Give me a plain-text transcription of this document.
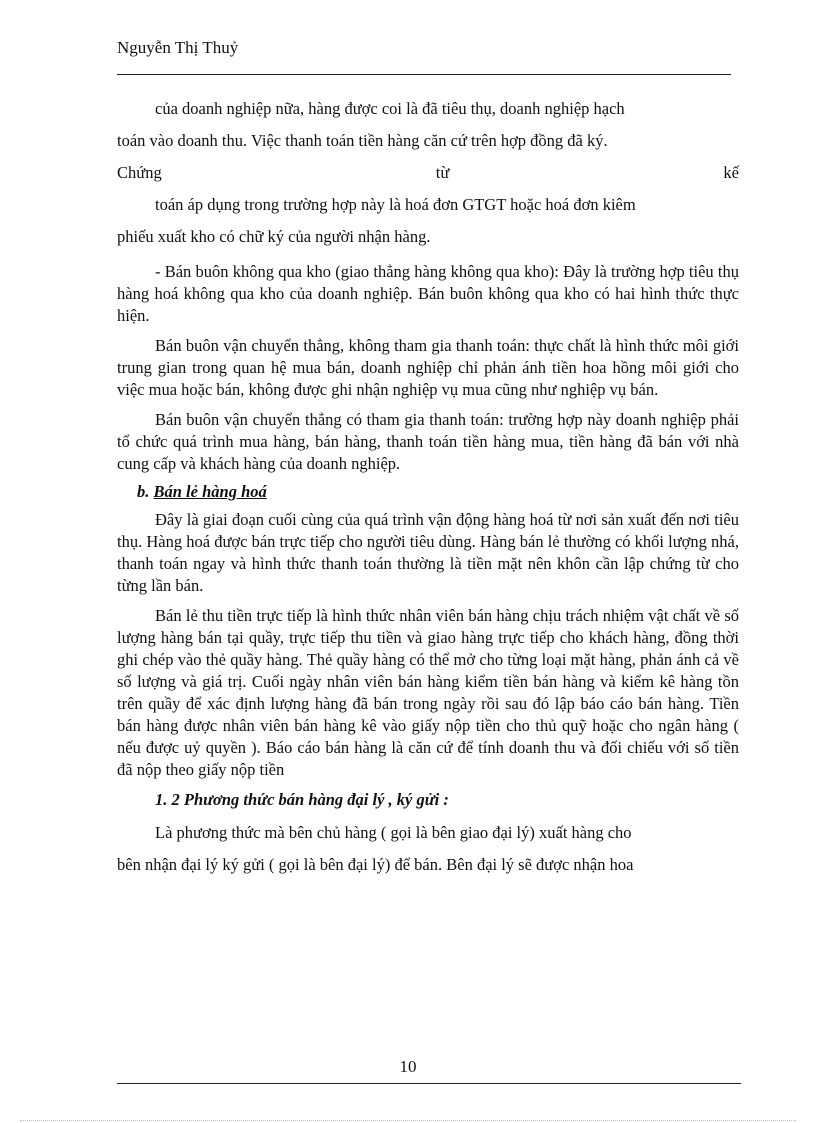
Nguyễn Thị Thuỷ

của doanh nghiệp nữa, hàng được coi là đã tiêu thụ, doanh nghiệp hạch

toán vào doanh thu. Việc thanh toán tiền hàng căn cứ trên hợp đồng đã ký.

Chứng	từ	kế

toán áp dụng trong trường hợp này là hoá đơn GTGT hoặc hoá đơn kiêm

phiếu xuất kho có chữ ký của người nhận hàng.

- Bán buôn không qua kho (giao thẳng hàng không qua kho): Đây là trường hợp tiêu thụ hàng hoá không qua kho của doanh nghiệp. Bán buôn không qua kho có hai hình thức thực hiện.

Bán buôn vận chuyển thẳng, không tham gia thanh toán: thực chất là hình thức môi giới trung gian trong quan hệ mua bán, doanh nghiệp chỉ phản ánh tiền hoa hồng môi giới cho việc mua hoặc bán, không được ghi nhận nghiệp vụ mua cũng như nghiệp vụ bán.

Bán buôn vận chuyển thẳng có tham gia thanh toán: trường hợp này doanh nghiệp phải tổ chức quá trình mua hàng, bán hàng, thanh toán tiền hàng mua, tiền hàng đã bán với nhà cung cấp và khách hàng của doanh nghiệp.

b. Bán lẻ hàng hoá

Đây là giai đoạn cuối cùng của quá trình vận động hàng hoá từ nơi sản xuất đến nơi tiêu thụ. Hàng hoá được bán trực tiếp cho người tiêu dùng. Hàng bán lẻ thường có khối lượng nhá, thanh toán ngay và hình thức thanh toán thường là tiền mặt nên khôn cần lập chứng từ cho từng lần bán.

Bán lẻ thu tiền trực tiếp là hình thức nhân viên bán hàng chịu trách nhiệm vật chất về số lượng hàng bán tại quầy, trực tiếp thu tiền và giao hàng trực tiếp cho khách hàng, đồng thời ghi chép vào thẻ quầy hàng. Thẻ quầy hàng có thể mở cho từng loại mặt hàng, phản ánh cả về số lượng và giá trị. Cuối ngày nhân viên bán hàng kiểm tiền bán hàng và kiểm kê hàng tồn trên quầy để xác định lượng hàng đã bán trong ngày rồi sau đó lập báo cáo bán hàng. Tiền bán hàng được nhân viên bán hàng kê vào giấy nộp tiền cho thủ quỹ hoặc cho ngân hàng ( nếu được uỷ quyền ). Báo cáo bán hàng là căn cứ để tính doanh thu và đối chiếu với số tiền đã nộp theo giấy nộp tiền

1. 2 Phương thức bán hàng đại lý , ký gửi :

Là phương thức mà bên chủ hàng ( gọi là bên giao đại lý) xuất hàng cho

bên nhận đại lý ký gửi ( gọi là bên đại lý) để bán. Bên đại lý sẽ được nhận hoa

10
